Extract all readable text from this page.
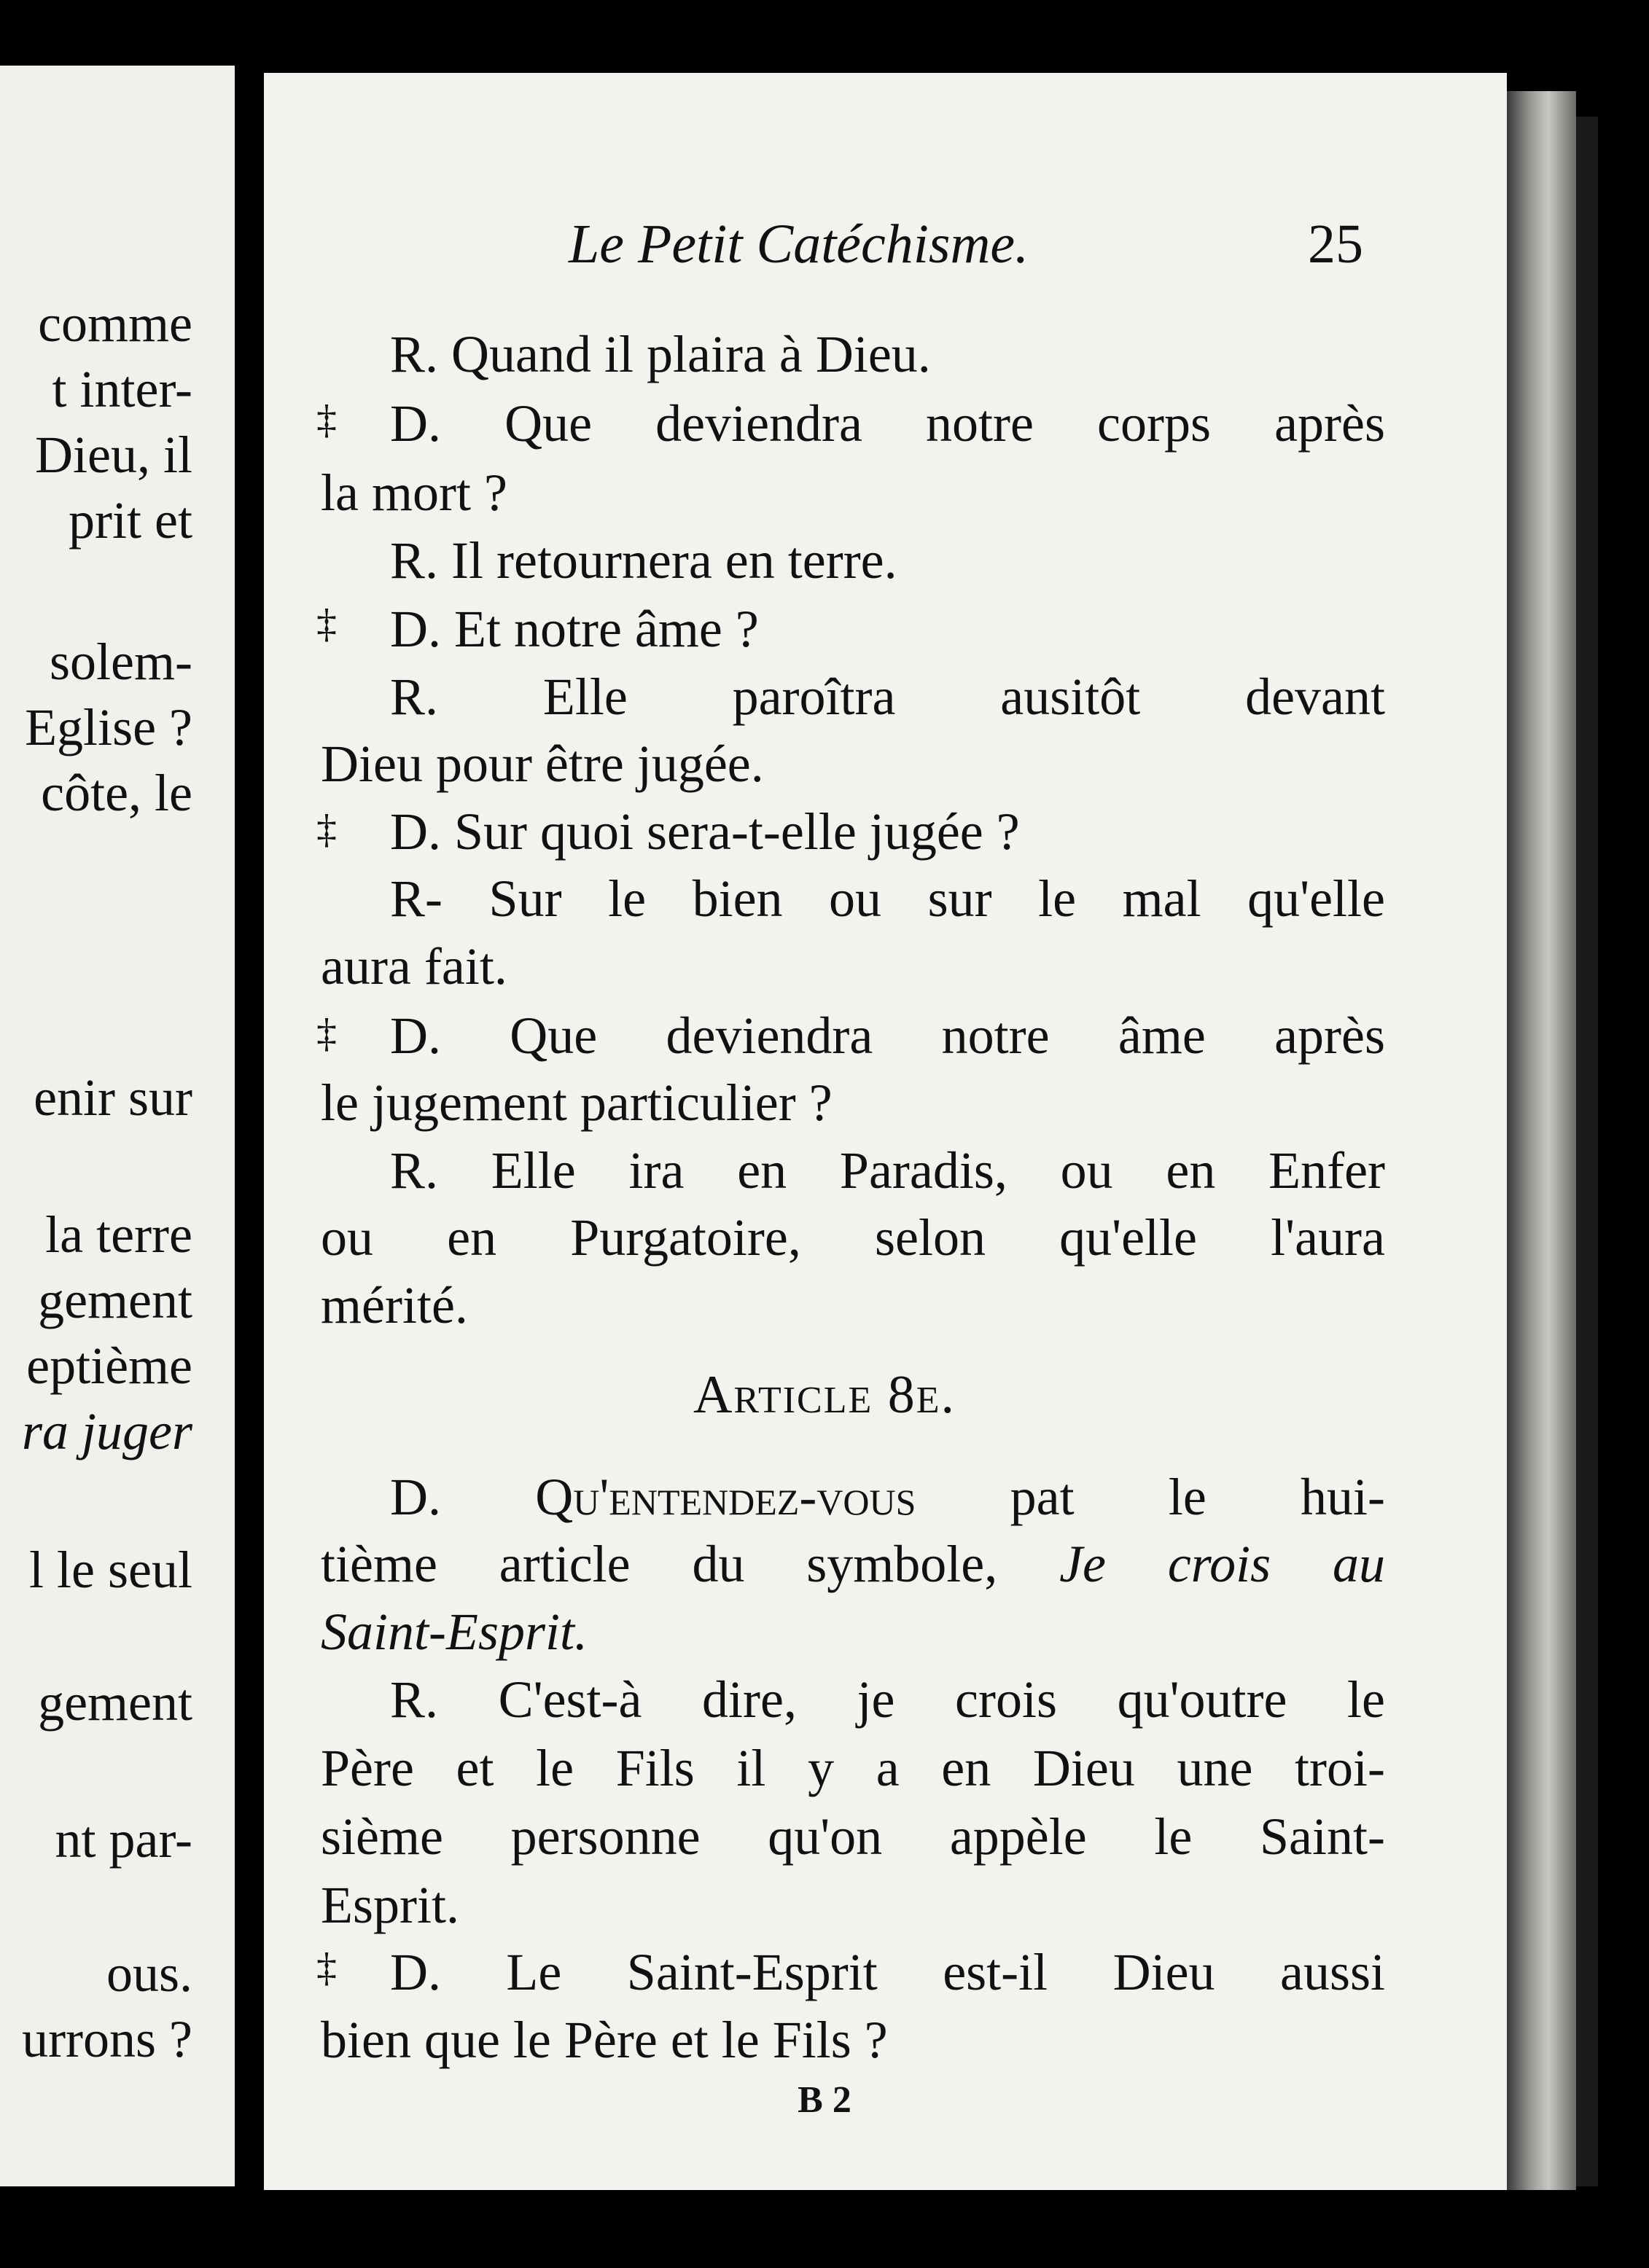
comme
t inter-
Dieu, il
prit et
solem-
Eglise ?
côte, le
enir sur
la terre
gement
eptième
ra juger
l le seul
gement
nt par-
ous.
urrons ?
Le Petit Catéchisme.	25
‡
‡
‡
‡
‡
R. Quand il plaira à Dieu.
D. Que deviendra notre corps après
la mort ?
R. Il retournera en terre.
D. Et notre âme ?
R. Elle paroîtra ausitôt devant
Dieu pour être jugée.
D. Sur quoi sera-t-elle jugée ?
R- Sur le bien ou sur le mal qu'elle
aura fait.
D. Que deviendra notre âme après
le jugement particulier ?
R. Elle ira en Paradis, ou en Enfer
ou en Purgatoire, selon qu'elle l'aura
mérité.
Article 8e.
D. Qu'entendez-vous pat le hui-
tième article du symbole, Je crois au
Saint-Esprit.
R. C'est-à dire, je crois qu'outre le
Père et le Fils il y a en Dieu une troi-
sième personne qu'on appèle le Saint-
Esprit.
D. Le Saint-Esprit est-il Dieu aussi
bien que le Père et le Fils ?
B 2
